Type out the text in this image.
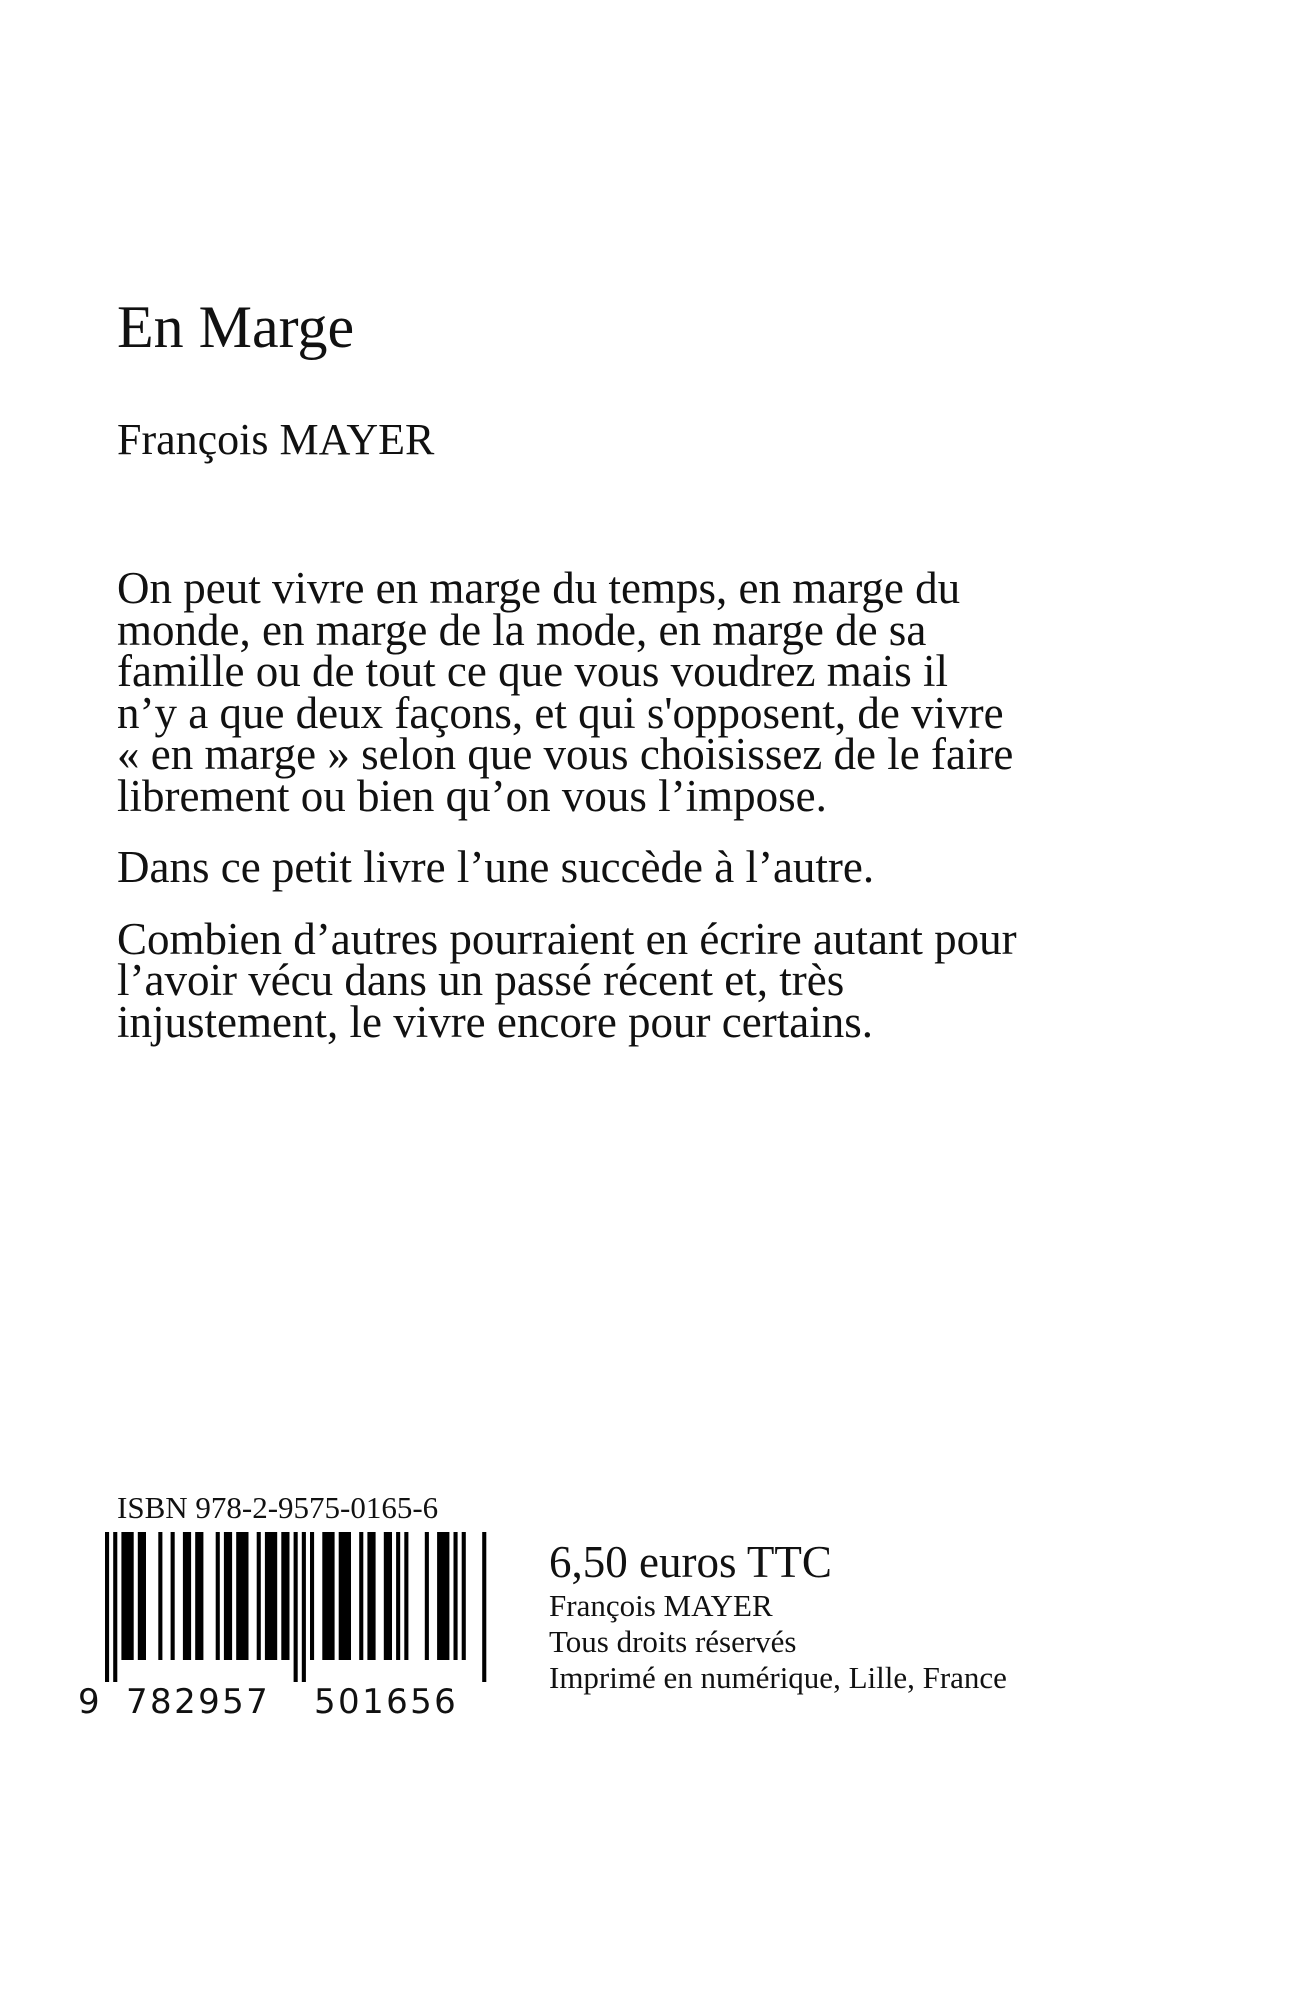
En Marge

François MAYER

On peut vivre en marge du temps, en marge du monde, en marge de la mode, en marge de sa famille ou de tout ce que vous voudrez mais il n’y a que deux façons, et qui s'opposent, de vivre « en marge » selon que vous choisissez de le faire librement ou bien qu’on vous l’impose.

Dans ce petit livre l’une succède à l’autre.

Combien d’autres pourraient en écrire autant pour l’avoir vécu dans un passé récent et, très injustement, le vivre encore pour certains.

ISBN 978-2-9575-0165-6

9 782957 501656

6,50 euros TTC

François MAYER

Tous droits réservés

Imprimé en numérique, Lille, France
